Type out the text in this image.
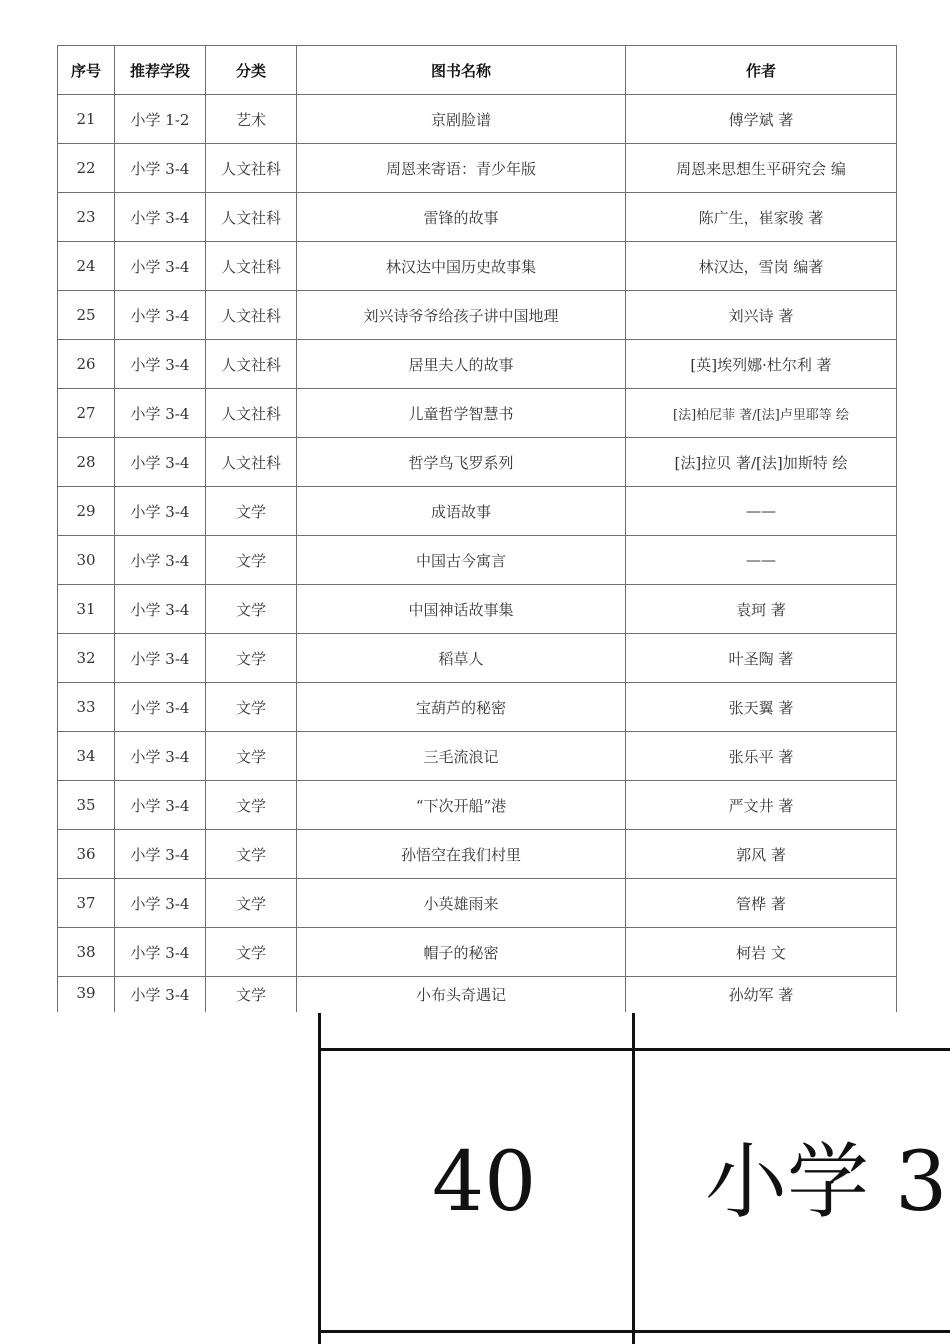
序号	推荐学段	分类	图书名称	作者
21	小学 1-2	艺术	京剧脸谱	傅学斌 著
22	小学 3-4	人文社科	周恩来寄语：青少年版	周恩来思想生平研究会 编
23	小学 3-4	人文社科	雷锋的故事	陈广生，崔家骏 著
24	小学 3-4	人文社科	林汉达中国历史故事集	林汉达，雪岗 编著
25	小学 3-4	人文社科	刘兴诗爷爷给孩子讲中国地理	刘兴诗 著
26	小学 3-4	人文社科	居里夫人的故事	[英]埃列娜·杜尔利 著
27	小学 3-4	人文社科	儿童哲学智慧书	[法]柏尼菲 著/[法]卢里耶等 绘
28	小学 3-4	人文社科	哲学鸟飞罗系列	[法]拉贝 著/[法]加斯特 绘
29	小学 3-4	文学	成语故事	——
30	小学 3-4	文学	中国古今寓言	——
31	小学 3-4	文学	中国神话故事集	袁珂 著
32	小学 3-4	文学	稻草人	叶圣陶 著
33	小学 3-4	文学	宝葫芦的秘密	张天翼 著
34	小学 3-4	文学	三毛流浪记	张乐平 著
35	小学 3-4	文学	“下次开船”港	严文井 著
36	小学 3-4	文学	孙悟空在我们村里	郭风 著
37	小学 3-4	文学	小英雄雨来	管桦 著
38	小学 3-4	文学	帽子的秘密	柯岩 文
39	小学 3-4	文学	小布头奇遇记	孙幼军 著
40 小学 3
